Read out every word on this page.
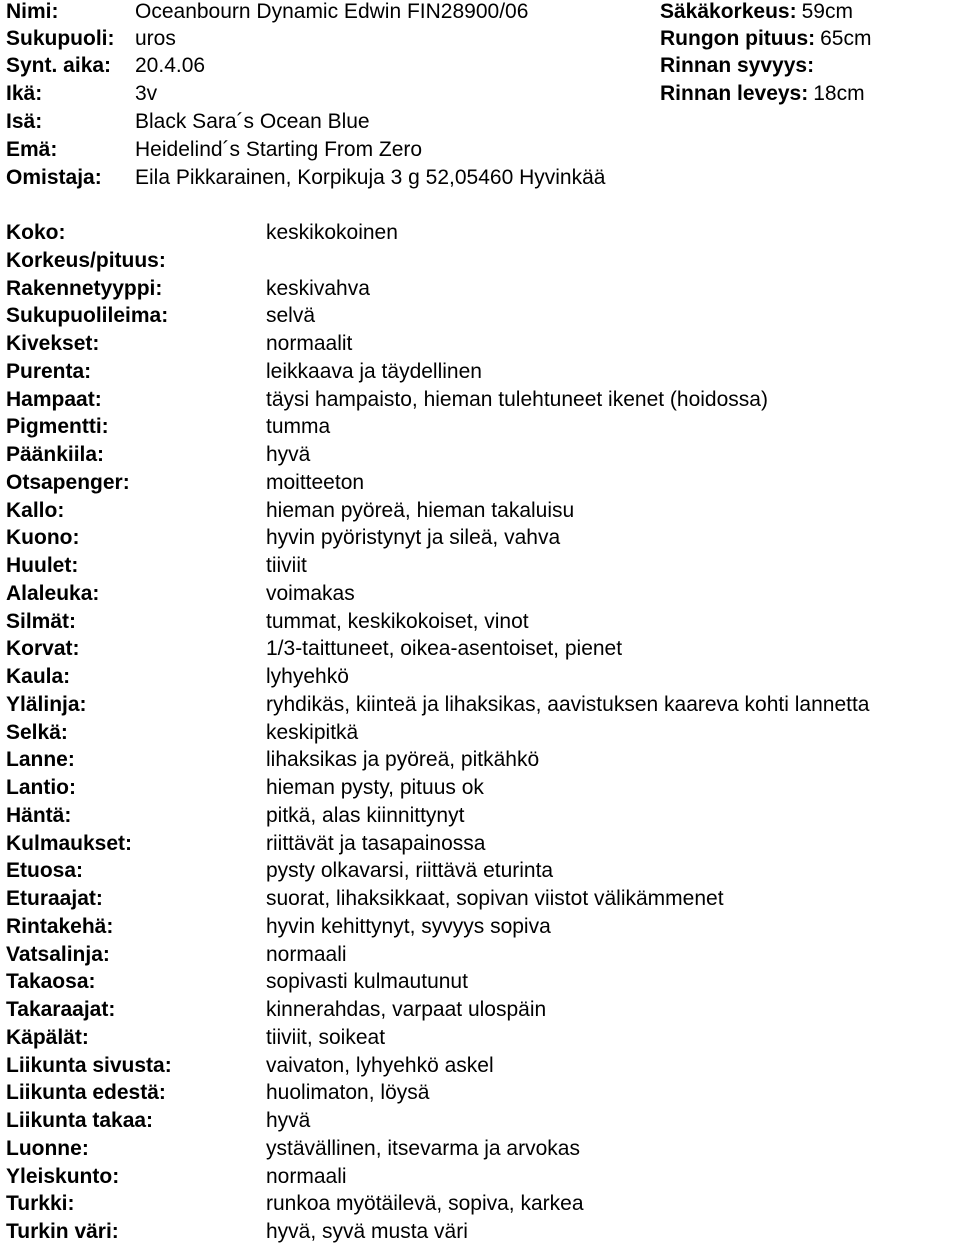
Nimi:	Oceanbourn Dynamic Edwin FIN28900/06	Säkäkorkeus: 59cm
Sukupuoli: uros	Rungon pituus: 65cm
Synt. aika: 20.4.06	Rinnan syvyys:
Ikä:	3v	Rinnan leveys: 18cm
Isä:	Black Sara´s Ocean Blue
Emä:	Heidelind´s Starting From Zero
Omistaja: Eila Pikkarainen, Korpikuja 3 g 52,05460 Hyvinkää
Koko:	keskikokoinen
Korkeus/pituus:
Rakennetyyppi:	keskivahva
Sukupuolileima:	selvä
Kivekset:	normaalit
Purenta:	leikkaava ja täydellinen
Hampaat:	täysi hampaisto, hieman tulehtuneet ikenet (hoidossa)
Pigmentti:	tumma
Päänkiila:	hyvä
Otsapenger:	moitteeton
Kallo:	hieman pyöreä, hieman takaluisu
Kuono:	hyvin pyöristynyt ja sileä, vahva
Huulet:	tiiviit
Alaleuka:	voimakas
Silmät:	tummat, keskikokoiset, vinot
Korvat:	1/3-taittuneet, oikea-asentoiset, pienet
Kaula:	lyhyehkö
Ylälinja:	ryhdikäs, kiinteä ja lihaksikas, aavistuksen kaareva kohti lannetta
Selkä:	keskipitkä
Lanne:	lihaksikas ja pyöreä, pitkähkö
Lantio:	hieman pysty, pituus ok
Häntä:	pitkä, alas kiinnittynyt
Kulmaukset:	riittävät ja tasapainossa
Etuosa:	pysty olkavarsi, riittävä eturinta
Eturaajat:	suorat, lihaksikkaat, sopivan viistot välikämmenet
Rintakehä:	hyvin kehittynyt, syvyys sopiva
Vatsalinja:	normaali
Takaosa:	sopivasti kulmautunut
Takaraajat:	kinnerahdas, varpaat ulospäin
Käpälät:	tiiviit, soikeat
Liikunta sivusta:	vaivaton, lyhyehkö askel
Liikunta edestä:	huolimaton, löysä
Liikunta takaa:	hyvä
Luonne:	ystävällinen, itsevarma ja arvokas
Yleiskunto:	normaali
Turkki:	runkoa myötäilevä, sopiva, karkea
Turkin väri:	hyvä, syvä musta väri
